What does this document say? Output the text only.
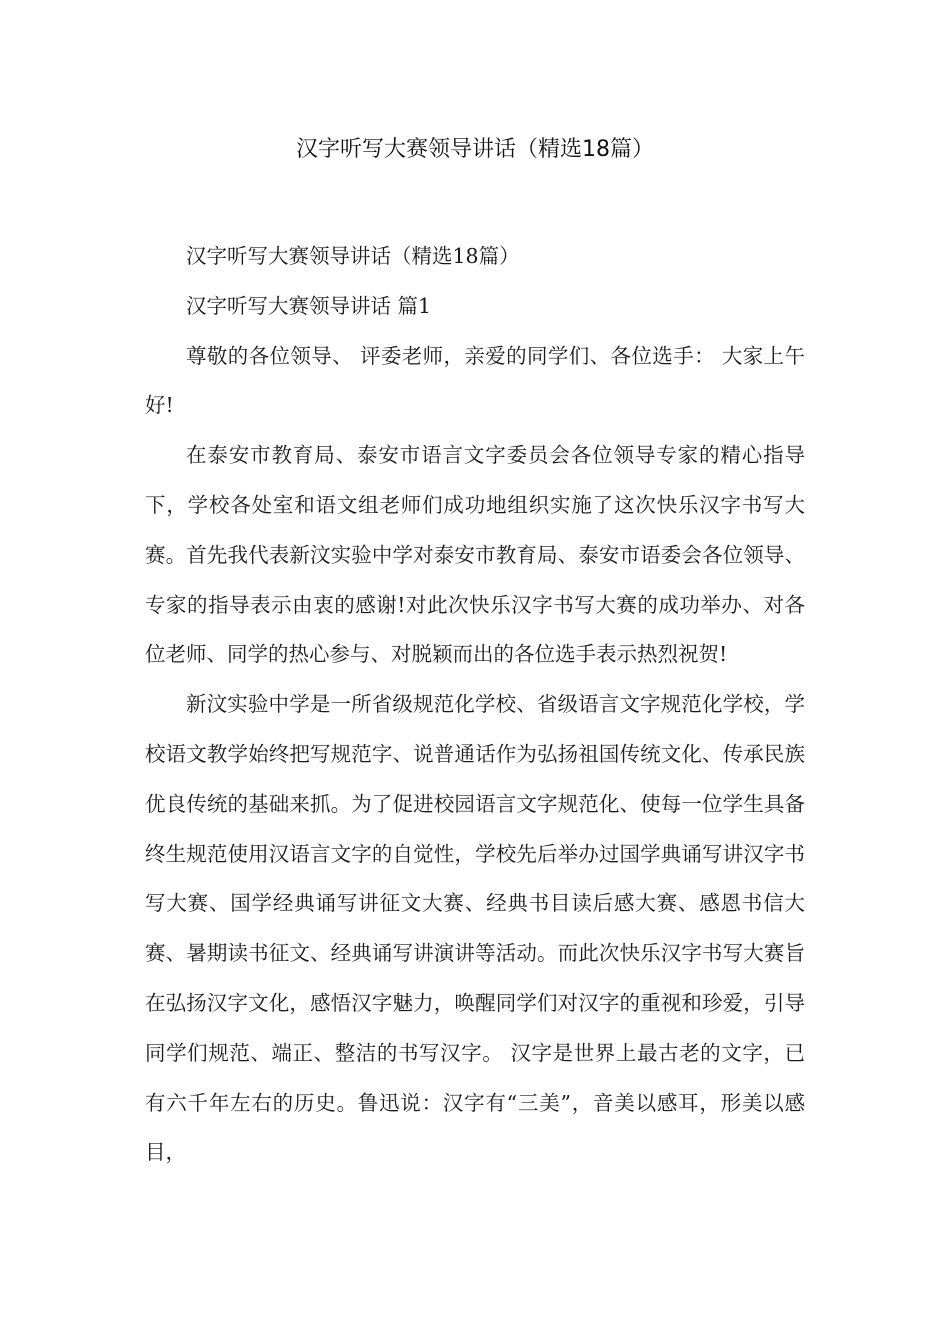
汉字听写大赛领导讲话（精选18篇）

汉字听写大赛领导讲话（精选18篇）

汉字听写大赛领导讲话 篇1

尊敬的各位领导、 评委老师，亲爱的同学们、各位选手： 大家上午好!

在泰安市教育局、泰安市语言文字委员会各位领导专家的精心指导下，学校各处室和语文组老师们成功地组织实施了这次快乐汉字书写大赛。首先我代表新汶实验中学对泰安市教育局、泰安市语委会各位领导、专家的指导表示由衷的感谢!对此次快乐汉字书写大赛的成功举办、对各位老师、同学的热心参与、对脱颖而出的各位选手表示热烈祝贺!

新汶实验中学是一所省级规范化学校、省级语言文字规范化学校，学校语文教学始终把写规范字、说普通话作为弘扬祖国传统文化、传承民族优良传统的基础来抓。为了促进校园语言文字规范化、使每一位学生具备终生规范使用汉语言文字的自觉性，学校先后举办过国学典诵写讲汉字书写大赛、国学经典诵写讲征文大赛、经典书目读后感大赛、感恩书信大赛、暑期读书征文、经典诵写讲演讲等活动。而此次快乐汉字书写大赛旨在弘扬汉字文化，感悟汉字魅力，唤醒同学们对汉字的重视和珍爱，引导同学们规范、端正、整洁的书写汉字。 汉字是世界上最古老的文字，已有六千年左右的历史。鲁迅说：汉字有“三美”，音美以感耳，形美以感目，
